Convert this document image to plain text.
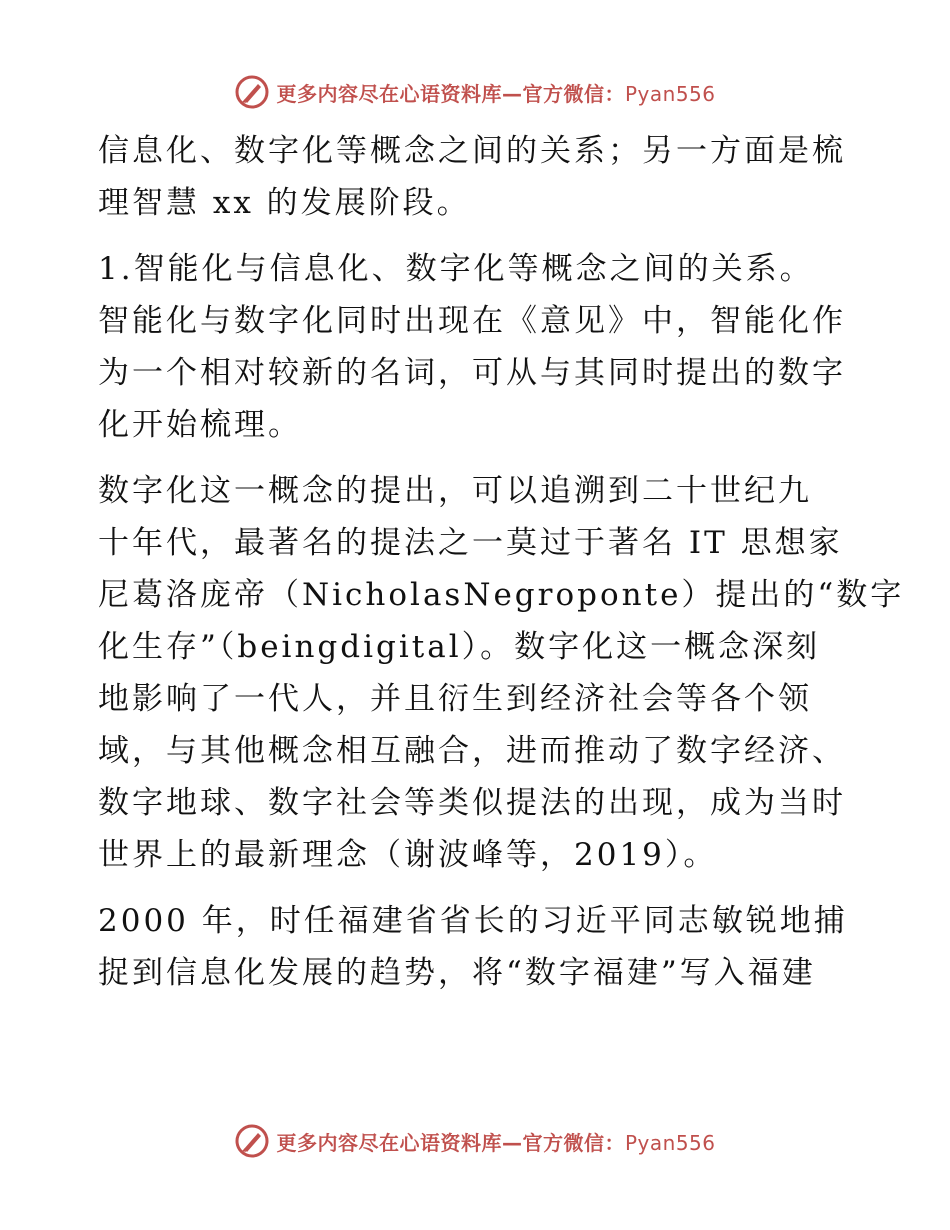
更多内容尽在心语资料库—官方微信：Pyan556

信息化、数字化等概念之间的关系；另一方面是梳
理智慧 xx 的发展阶段。

1.智能化与信息化、数字化等概念之间的关系。
智能化与数字化同时出现在《意见》中，智能化作
为一个相对较新的名词，可从与其同时提出的数字
化开始梳理。

数字化这一概念的提出，可以追溯到二十世纪九
十年代，最著名的提法之一莫过于著名 IT 思想家
尼葛洛庞帝（NicholasNegroponte）提出的“数字
化生存”（beingdigital）。数字化这一概念深刻
地影响了一代人，并且衍生到经济社会等各个领
域，与其他概念相互融合，进而推动了数字经济、
数字地球、数字社会等类似提法的出现，成为当时
世界上的最新理念（谢波峰等，2019）。

2000 年，时任福建省省长的习近平同志敏锐地捕
捉到信息化发展的趋势，将“数字福建”写入福建

更多内容尽在心语资料库—官方微信：Pyan556
